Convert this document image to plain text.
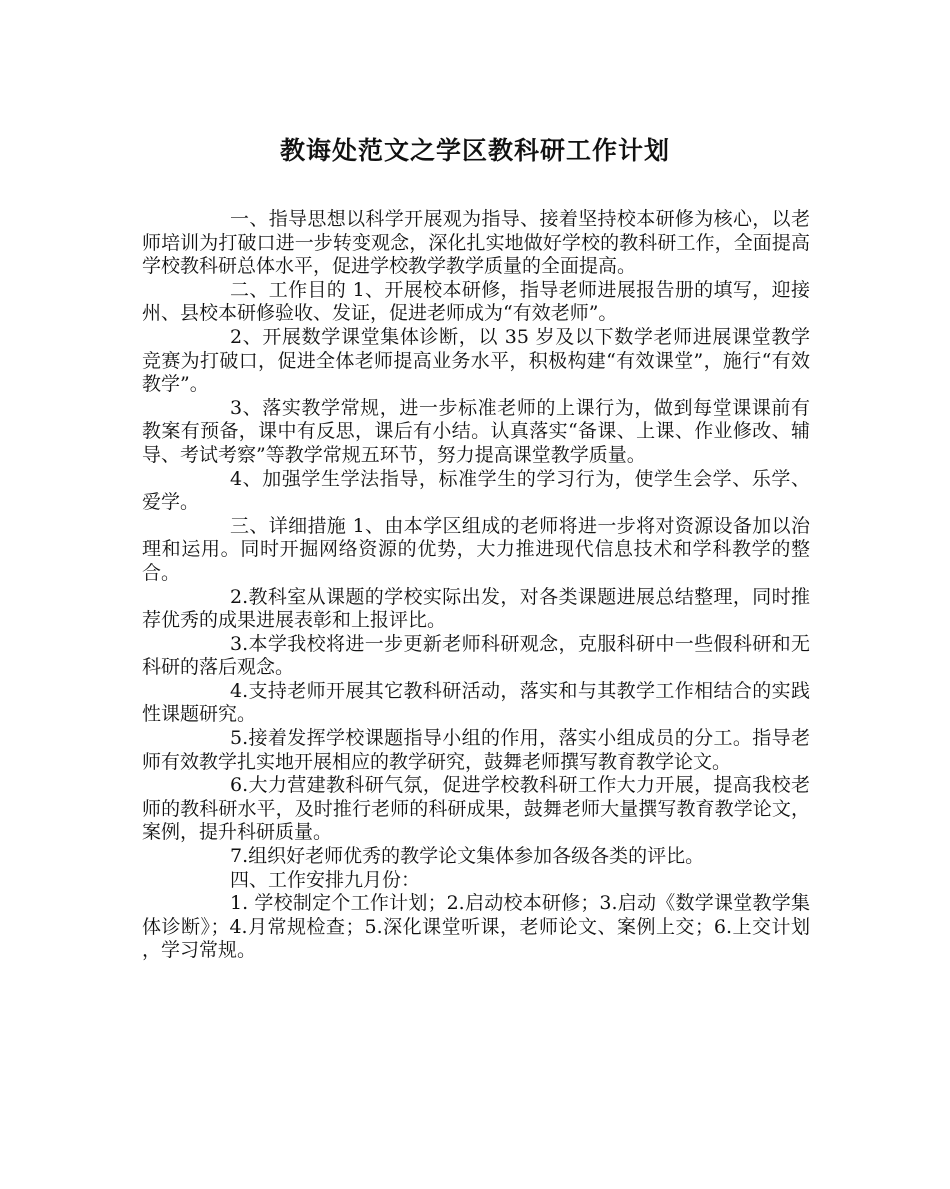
教诲处范文之学区教科研工作计划

一、指导思想以科学开展观为指导、接着坚持校本研修为核心，以老师培训为打破口进一步转变观念，深化扎实地做好学校的教科研工作，全面提高学校教科研总体水平，促进学校教学教学质量的全面提高。

二、工作目的 1、开展校本研修，指导老师进展报告册的填写，迎接州、县校本研修验收、发证，促进老师成为“有效老师”。

2、开展数学课堂集体诊断，以 35 岁及以下数学老师进展课堂教学竞赛为打破口，促进全体老师提高业务水平，积极构建“有效课堂”，施行“有效教学”。

3、落实教学常规，进一步标准老师的上课行为，做到每堂课课前有教案有预备，课中有反思，课后有小结。认真落实“备课、上课、作业修改、辅导、考试考察”等教学常规五环节，努力提高课堂教学质量。

4、加强学生学法指导，标准学生的学习行为，使学生会学、乐学、爱学。

三、详细措施 1、由本学区组成的老师将进一步将对资源设备加以治理和运用。同时开掘网络资源的优势，大力推进现代信息技术和学科教学的整合。

2.教科室从课题的学校实际出发，对各类课题进展总结整理，同时推荐优秀的成果进展表彰和上报评比。

3.本学我校将进一步更新老师科研观念，克服科研中一些假科研和无科研的落后观念。

4.支持老师开展其它教科研活动，落实和与其教学工作相结合的实践性课题研究。

5.接着发挥学校课题指导小组的作用，落实小组成员的分工。指导老师有效教学扎实地开展相应的教学研究，鼓舞老师撰写教育教学论文。

6.大力营建教科研气氛，促进学校教科研工作大力开展，提高我校老师的教科研水平，及时推行老师的科研成果，鼓舞老师大量撰写教育教学论文，案例，提升科研质量。

7.组织好老师优秀的教学论文集体参加各级各类的评比。

四、工作安排九月份：

1. 学校制定个工作计划；2.启动校本研修；3.启动《数学课堂教学集体诊断》；4.月常规检查；5.深化课堂听课，老师论文、案例上交；6.上交计划 ，学习常规。
